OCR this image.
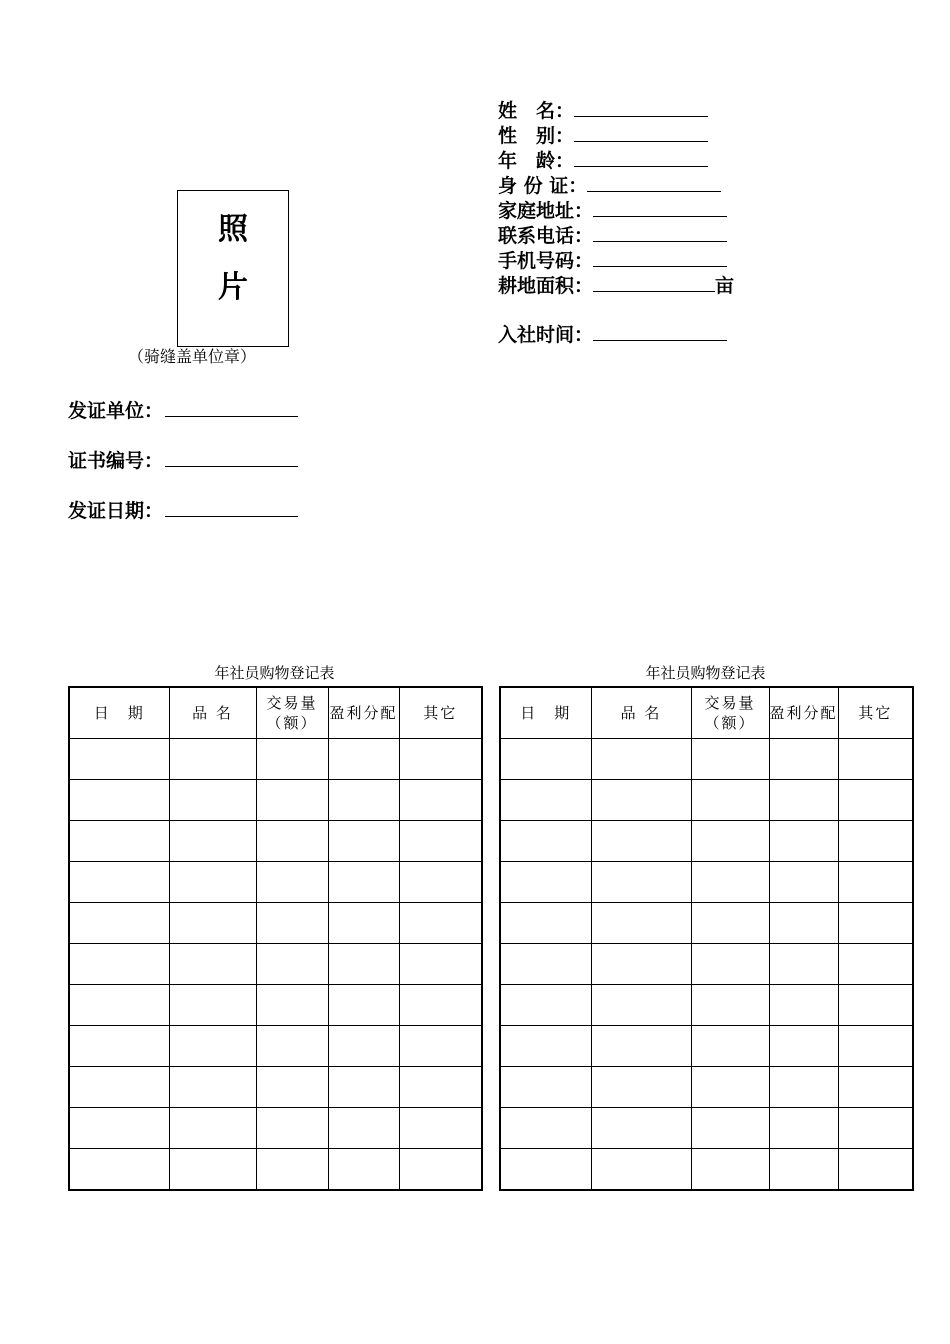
照
片
（骑缝盖单位章）
发证单位：
证书编号：
发证日期：
姓　名：
性　别：
年　龄：
身 份 证：
家庭地址：
联系电话：
手机号码：
耕地面积：	亩
入社时间：
年社员购物登记表
日　期	品 名	交易量（额）	盈利分配	其它

年社员购物登记表
日　期	品 名	交易量（额）	盈利分配	其它
